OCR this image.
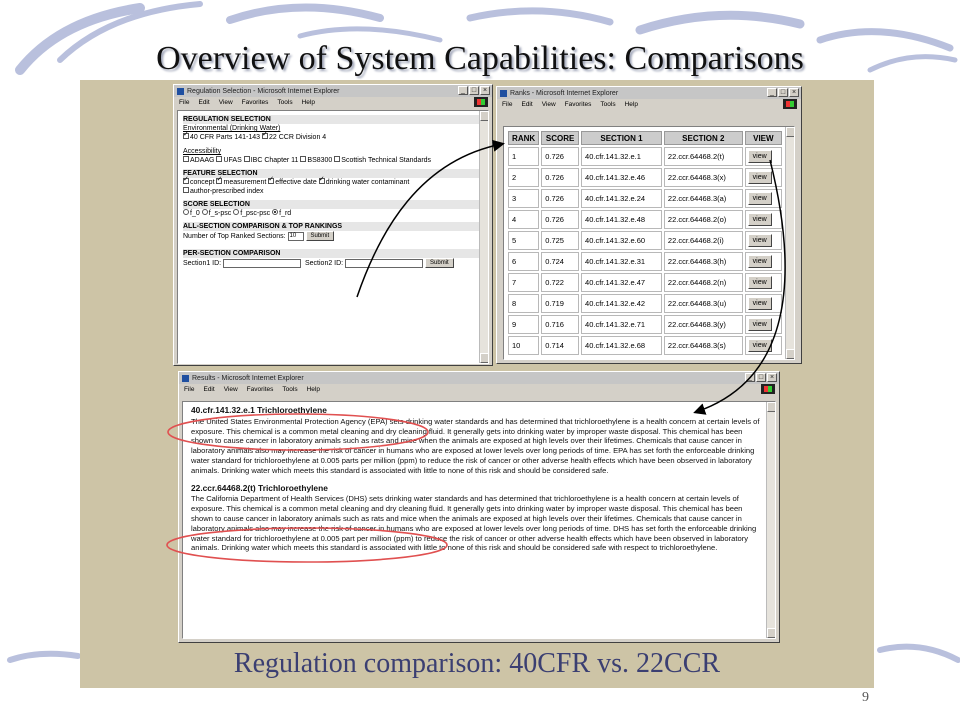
Overview of System Capabilities: Comparisons
Regulation Selection - Microsoft Internet Explorer	_ □ ×
File Edit View Favorites Tools Help
REGULATION SELECTION
Environmental (Drinking Water)
✓40 CFR Parts 141-143 ✓ 22 CCR Division 4
Accessibility
ADAAG UFAS IBC Chapter 11 BS8300 Scottish Technical Standards
FEATURE SELECTION
✓concept ✓ measurement ✓ effective date ✓ drinking water contaminant
author-prescribed index
SCORE SELECTION
f_0 f_s-psc f_psc-psc f_rd
ALL-SECTION COMPARISON & TOP RANKINGS
Number of Top Ranked Sections: 10 Submit
PER-SECTION COMPARISON
Section1 ID:	Section2 ID:	Submit
Ranks - Microsoft Internet Explorer	_ □ ×
File Edit View Favorites Tools Help
RANK	SCORE	SECTION 1	SECTION 2	VIEW
1	0.726	40.cfr.141.32.e.1	22.ccr.64468.2(t)	view

2	0.726	40.cfr.141.32.e.46	22.ccr.64468.3(x)	view

3	0.726	40.cfr.141.32.e.24	22.ccr.64468.3(a)	view

4	0.726	40.cfr.141.32.e.48	22.ccr.64468.2(o)	view

5	0.725	40.cfr.141.32.e.60	22.ccr.64468.2(i)	view

6	0.724	40.cfr.141.32.e.31	22.ccr.64468.3(h)	view

7	0.722	40.cfr.141.32.e.47	22.ccr.64468.2(n)	view

8	0.719	40.cfr.141.32.e.42	22.ccr.64468.3(u)	view

9	0.716	40.cfr.141.32.e.71	22.ccr.64468.3(y)	view

10	0.714	40.cfr.141.32.e.68	22.ccr.64468.3(s)	view
Results - Microsoft Internet Explorer	_ □ ×
File Edit View Favorites Tools Help
40.cfr.141.32.e.1 Trichloroethylene

The United States Environmental Protection Agency (EPA) sets drinking water standards and has determined that trichloroethylene is a health concern at certain levels of exposure. This chemical is a common metal cleaning and dry cleaning fluid. It generally gets into drinking water by improper waste disposal. This chemical has been shown to cause cancer in laboratory animals such as rats and mice when the animals are exposed at high levels over their lifetimes. Chemicals that cause cancer in laboratory animals also may increase the risk of cancer in humans who are exposed at lower levels over long periods of time. EPA has set forth the enforceable drinking water standard for trichloroethylene at 0.005 parts per million (ppm) to reduce the risk of cancer or other adverse health effects which have been observed in laboratory animals. Drinking water which meets this standard is associated with little to none of this risk and should be considered safe.

22.ccr.64468.2(t) Trichloroethylene

The California Department of Health Services (DHS) sets drinking water standards and has determined that trichloroethylene is a health concern at certain levels of exposure. This chemical is a common metal cleaning and dry cleaning fluid. It generally gets into drinking water by improper waste disposal. This chemical has been shown to cause cancer in laboratory animals such as rats and mice when the animals are exposed at high levels over their lifetimes. Chemicals that cause cancer in laboratory animals also may increase the risk of cancer in humans who are exposed at lower levels over long periods of time. DHS has set forth the enforceable drinking water standard for trichloroethylene at 0.005 part per million (ppm) to reduce the risk of cancer or other adverse health effects which have been observed in laboratory animals. Drinking water which meets this standard is associated with little to none of this risk and should be considered safe with respect to trichloroethylene.

Regulation comparison: 40CFR vs. 22CCR
9
